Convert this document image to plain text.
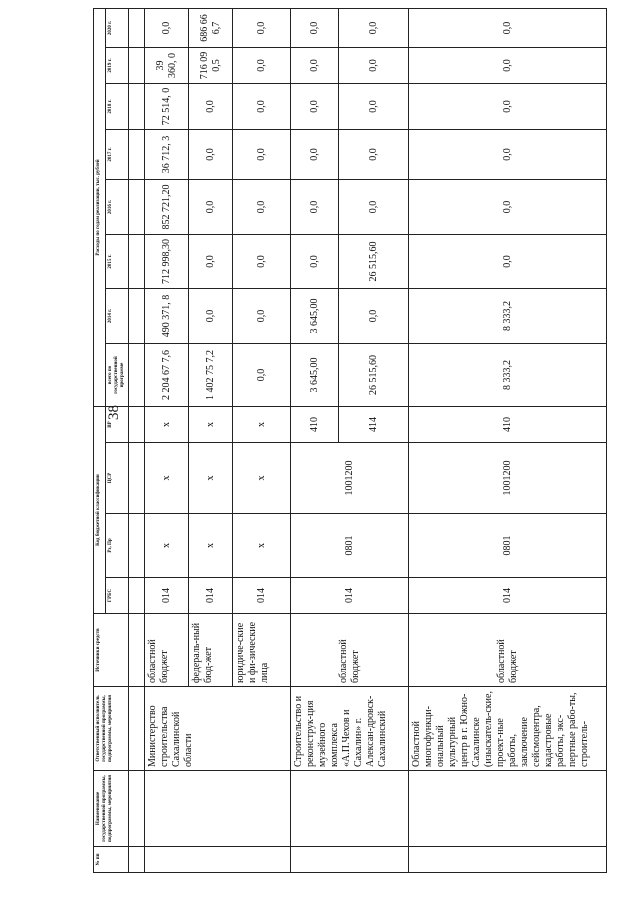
38
№ пп	Наименование государственной программы, подпрограммы, мероприятия	Ответственный исполнитель государственной программы, подпрограммы, мероприятия	Источники средств	Код бюджетной классификации				Расходы по годам реализации, тыс. рублей							
				ГРБС	Рз, Пр	ЦСР	ВР	всего по государственной программе	2014 г.	2015 г.	2016 г.	2017 г.	2018 г.	2019 г.	2020 г.

		Министерство строительства Сахалинской области	областной бюджет	014	x	x	x	2 204 67 7,6	490 371, 8	712 998,30	852 721,20	36 712, 3	72 514, 0	39 360, 0	0,0
			федераль-ный бюд-жет	014	x	x	x	1 402 75 7,2	0,0	0,0	0,0	0,0	0,0	716 09 0,5	686 66 6,7
			юридиче-ские и фи-зические лица	014	x	x	x	0,0	0,0	0,0	0,0	0,0	0,0	0,0	0,0
		Строительство и реконструк-ция музейного комплекса «А.П.Чехов и Сахалин» г. Алексан-дровск-Сахалинский	областной бюджет	014	0801	1001200	410	3 645,00	3 645,00	0,0	0,0	0,0	0,0	0,0	0,0
							414	26 515,60	0,0	26 515,60	0,0	0,0	0,0	0,0	0,0
		Областной многофункци-ональный культурный центр в г. Южно-Сахалинске (изыскатель-ские, проект-ные работы, заключение сейсмоцентра, кадастровые работы, экс-пертные рабо-ты, строитель-	областной бюджет	014	0801	1001200	410	8 333,2	8 333,2	0,0	0,0	0,0	0,0	0,0	0,0
